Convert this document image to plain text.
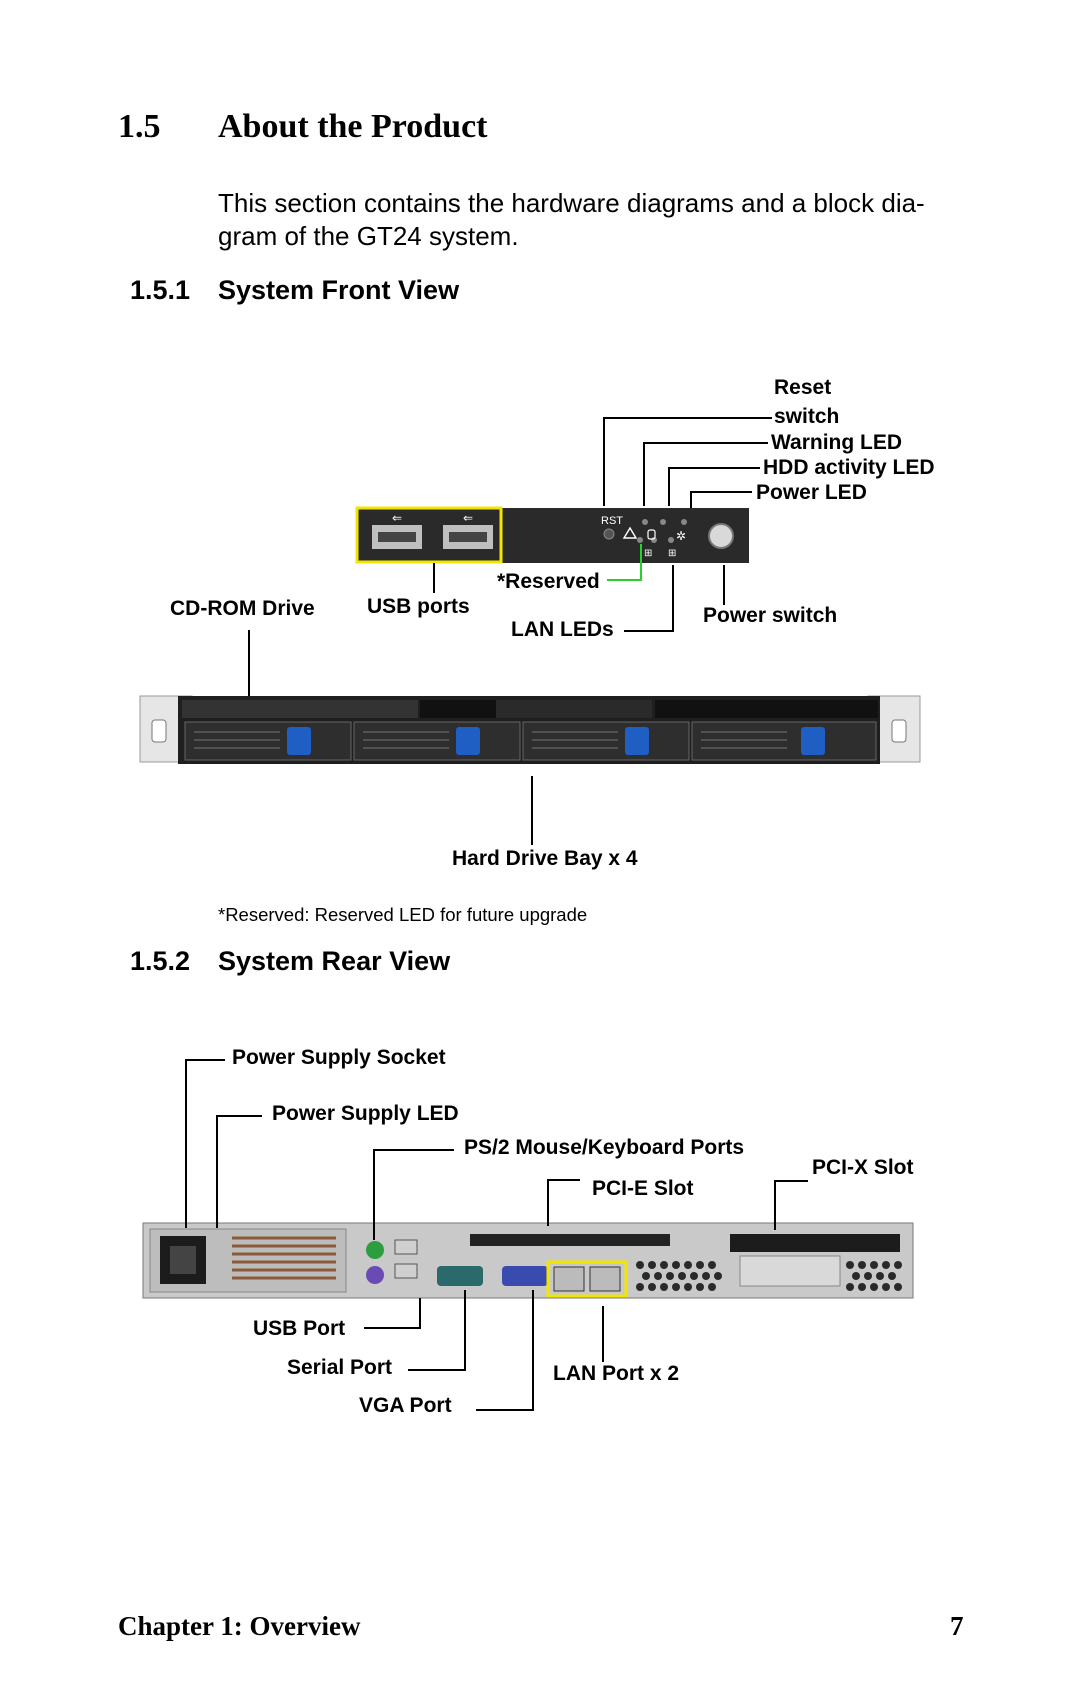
1.5 About the Product
This section contains the hardware diagrams and a block dia-
gram of the GT24 system.
1.5.1 System Front View
⇐	⇐	RST
✲
⊞ ⊞
Reset
switch
Warning LED
HDD activity LED
Power LED
*Reserved
USB ports
CD-ROM Drive
LAN LEDs
Power switch
Hard Drive Bay x 4
*Reserved: Reserved LED for future upgrade
1.5.2 System Rear View
Power Supply Socket
Power Supply LED
PS/2 Mouse/Keyboard Ports
PCI-X Slot
PCI-E Slot
USB Port
Serial Port	LAN Port x 2
VGA Port
Chapter 1: Overview	7
